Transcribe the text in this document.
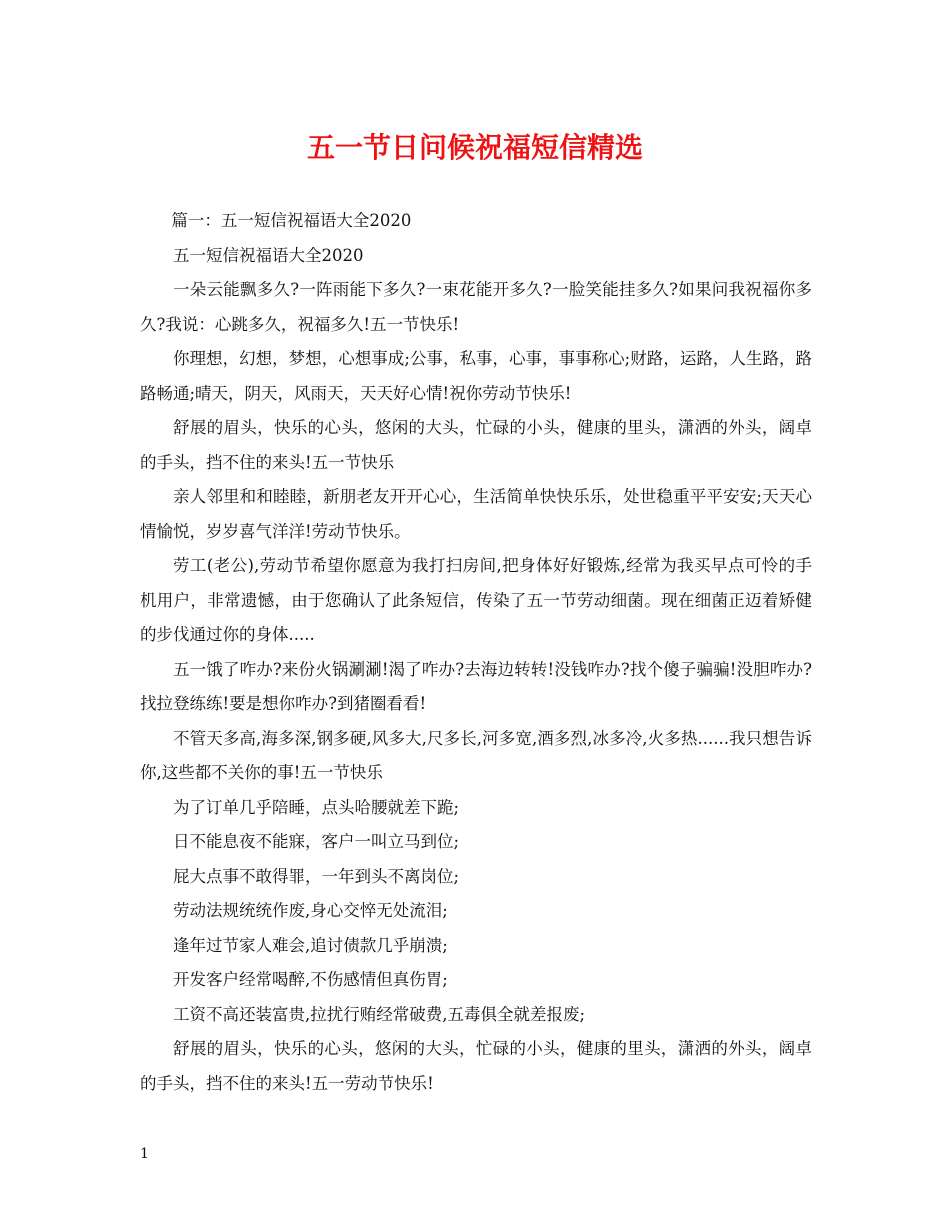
五一节日问候祝福短信精选

篇一：五一短信祝福语大全2020

五一短信祝福语大全2020

一朵云能飘多久?一阵雨能下多久?一束花能开多久?一脸笑能挂多久?如果问我祝福你多久?我说：心跳多久，祝福多久!五一节快乐!

你理想，幻想，梦想，心想事成;公事，私事，心事，事事称心;财路，运路，人生路，路路畅通;晴天，阴天，风雨天，天天好心情!祝你劳动节快乐!

舒展的眉头，快乐的心头，悠闲的大头，忙碌的小头，健康的里头，潇洒的外头，阔卓的手头，挡不住的来头!五一节快乐

亲人邻里和和睦睦，新朋老友开开心心，生活简单快快乐乐，处世稳重平平安安;天天心情愉悦，岁岁喜气洋洋!劳动节快乐。

劳工(老公),劳动节希望你愿意为我打扫房间,把身体好好锻炼,经常为我买早点可怜的手机用户，非常遗憾，由于您确认了此条短信，传染了五一节劳动细菌。现在细菌正迈着矫健的步伐通过你的身体.....

五一饿了咋办?来份火锅涮涮!渴了咋办?去海边转转!没钱咋办?找个傻子骗骗!没胆咋办?找拉登练练!要是想你咋办?到猪圈看看!

不管天多高,海多深,钢多硬,风多大,尺多长,河多宽,酒多烈,冰多冷,火多热......我只想告诉你,这些都不关你的事!五一节快乐

为了订单几乎陪睡，点头哈腰就差下跪;

日不能息夜不能寐，客户一叫立马到位;

屁大点事不敢得罪，一年到头不离岗位;

劳动法规统统作废,身心交悴无处流泪;

逢年过节家人难会,追讨债款几乎崩溃;

开发客户经常喝醉,不伤感情但真伤胃;

工资不高还装富贵,拉扰行贿经常破费,五毒俱全就差报废;

舒展的眉头，快乐的心头，悠闲的大头，忙碌的小头，健康的里头，潇洒的外头，阔卓的手头，挡不住的来头!五一劳动节快乐!

1
